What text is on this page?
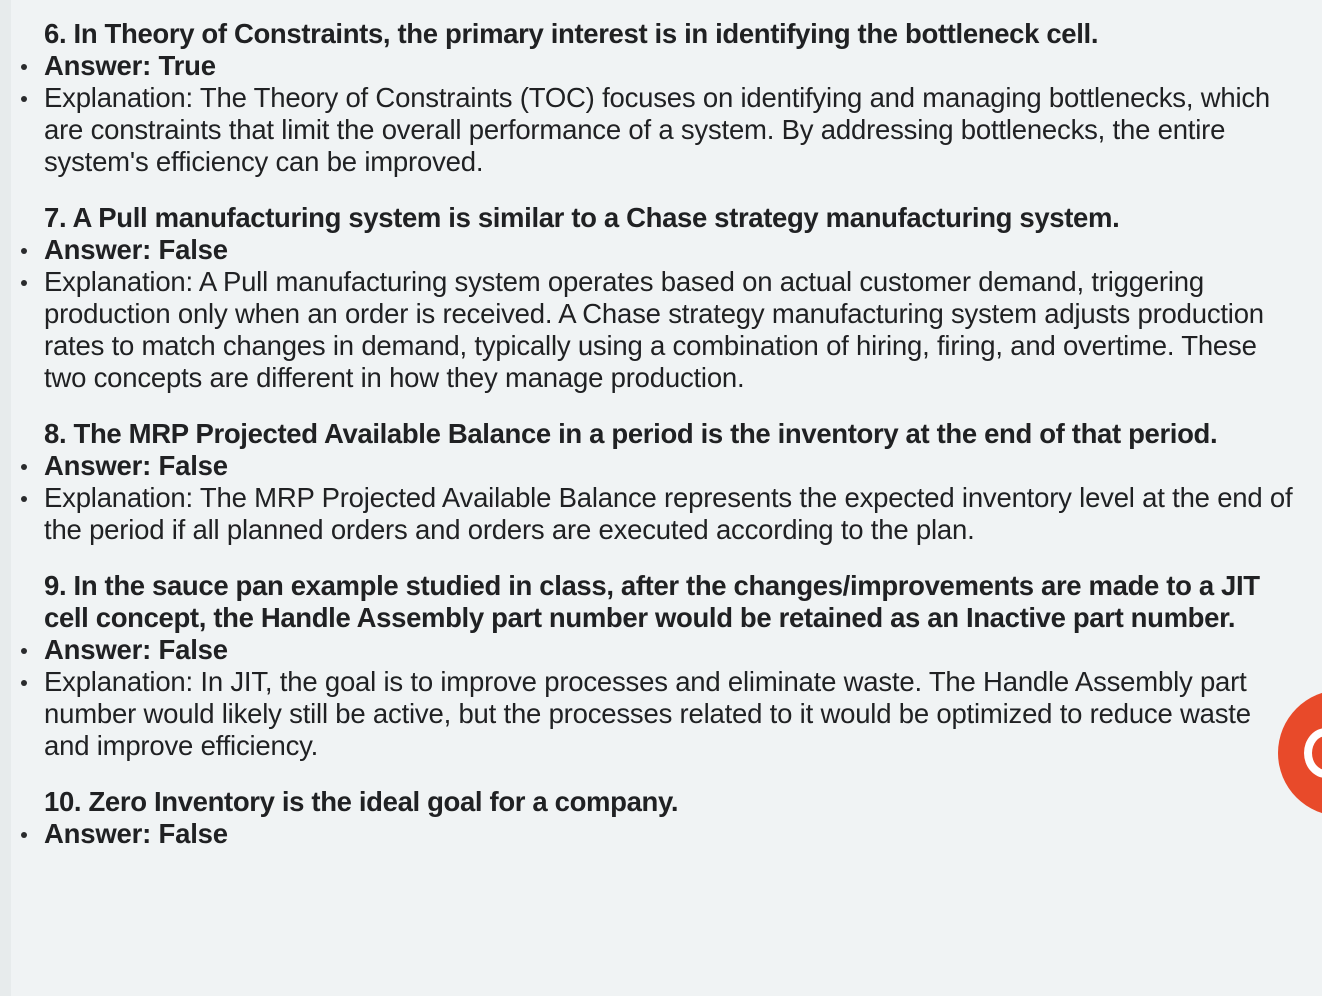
6. In Theory of Constraints, the primary interest is in identifying the bottleneck cell.

Answer: True
Explanation: The Theory of Constraints (TOC) focuses on identifying and managing bottlenecks, which are constraints that limit the overall performance of a system. By addressing bottlenecks, the entire system's efficiency can be improved.

7. A Pull manufacturing system is similar to a Chase strategy manufacturing system.

Answer: False
Explanation: A Pull manufacturing system operates based on actual customer demand, triggering production only when an order is received. A Chase strategy manufacturing system adjusts production rates to match changes in demand, typically using a combination of hiring, firing, and overtime. These two concepts are different in how they manage production.

8. The MRP Projected Available Balance in a period is the inventory at the end of that period.

Answer: False
Explanation: The MRP Projected Available Balance represents the expected inventory level at the end of the period if all planned orders and orders are executed according to the plan.

9. In the sauce pan example studied in class, after the changes/improvements are made to a JIT cell concept, the Handle Assembly part number would be retained as an Inactive part number.

Answer: False
Explanation: In JIT, the goal is to improve processes and eliminate waste. The Handle Assembly part number would likely still be active, but the processes related to it would be optimized to reduce waste and improve efficiency.

10. Zero Inventory is the ideal goal for a company.

Answer: False
